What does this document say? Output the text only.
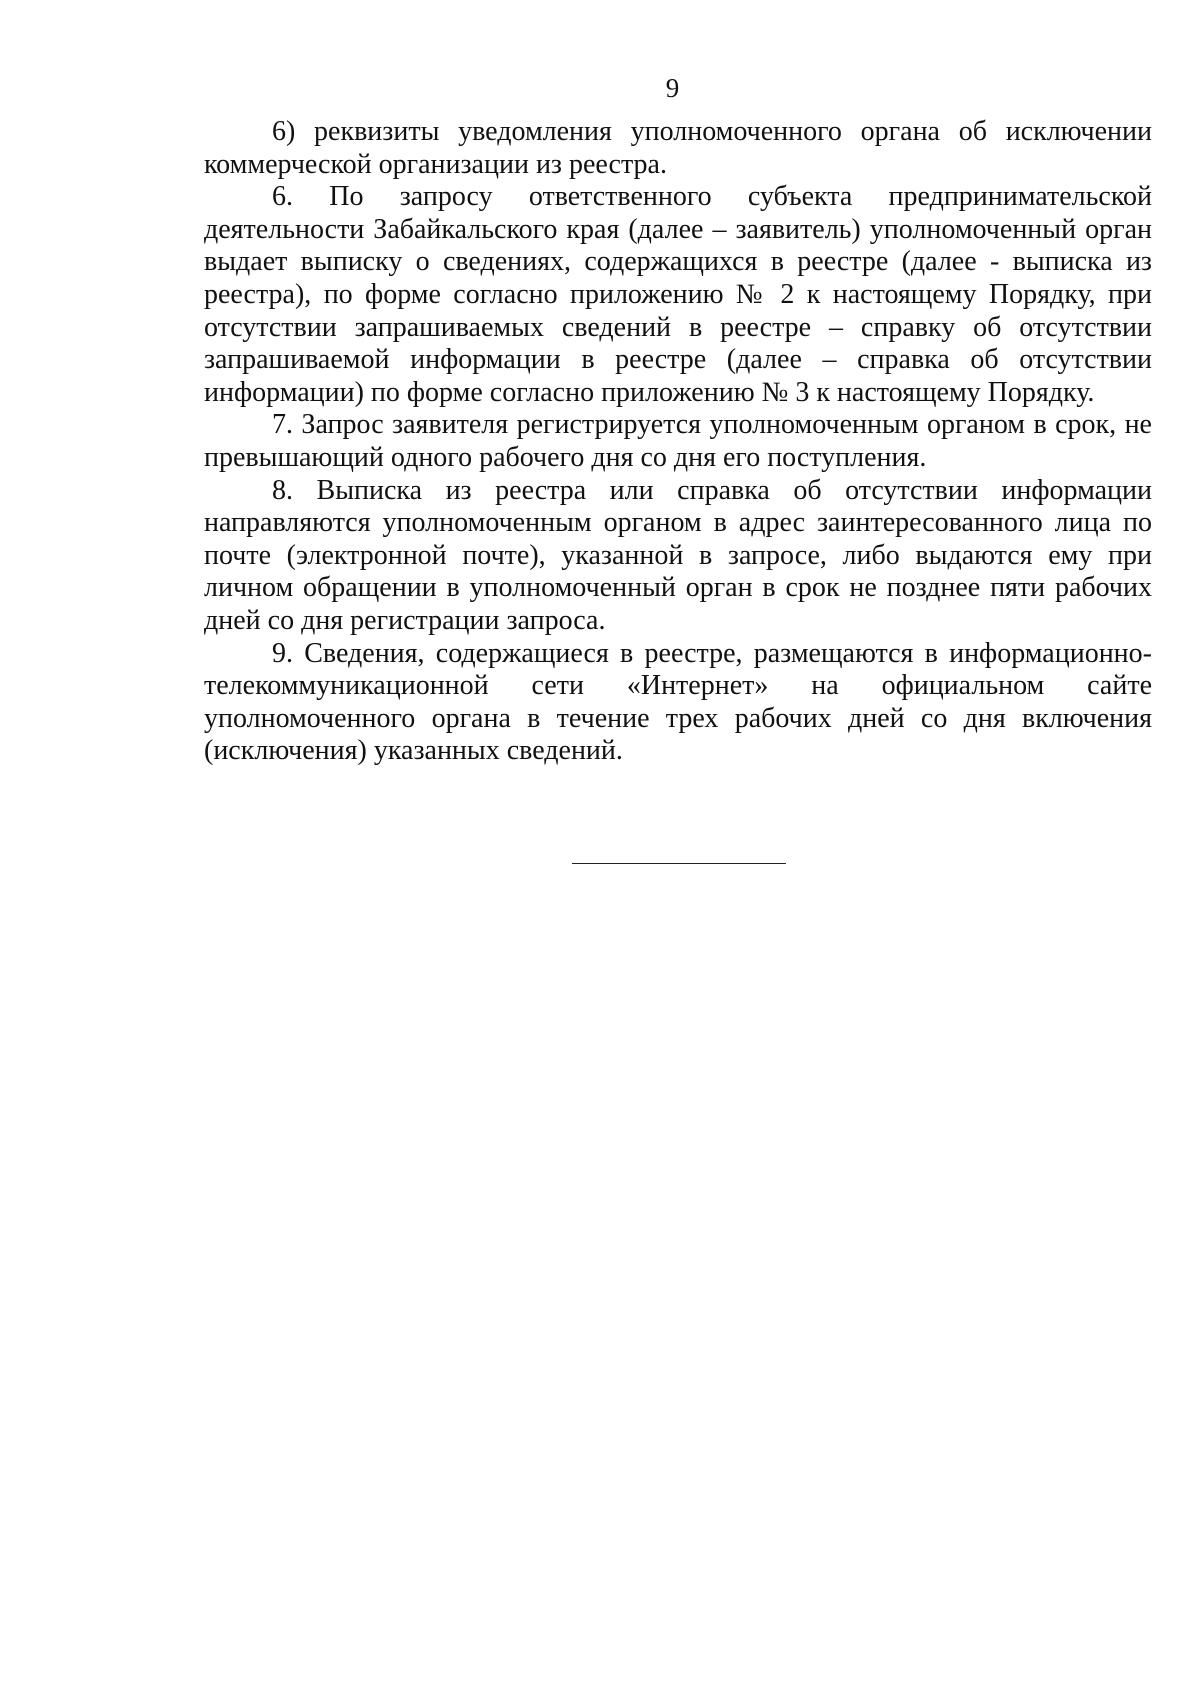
9

6) реквизиты уведомления уполномоченного органа об исключении коммерческой организации из реестра.

6. По запросу ответственного субъекта предпринимательской деятельности Забайкальского края (далее – заявитель) уполномоченный орган выдает выписку о сведениях, содержащихся в реестре (далее - выписка из реестра), по форме согласно приложению № 2 к настоящему Порядку, при отсутствии запрашиваемых сведений в реестре – справку об отсутствии запрашиваемой информации в реестре (далее – справка об отсутствии информации) по форме согласно приложению № 3 к настоящему Порядку.

7. Запрос заявителя регистрируется уполномоченным органом в срок, не превышающий одного рабочего дня со дня его поступления.

8. Выписка из реестра или справка об отсутствии информации направляются уполномоченным органом в адрес заинтересованного лица по почте (электронной почте), указанной в запросе, либо выдаются ему при личном обращении в уполномоченный орган в срок не позднее пяти рабочих дней со дня регистрации запроса.

9. Сведения, содержащиеся в реестре, размещаются в информационно-телекоммуникационной сети «Интернет» на официальном сайте уполномоченного органа в течение трех рабочих дней со дня включения (исключения) указанных сведений.
